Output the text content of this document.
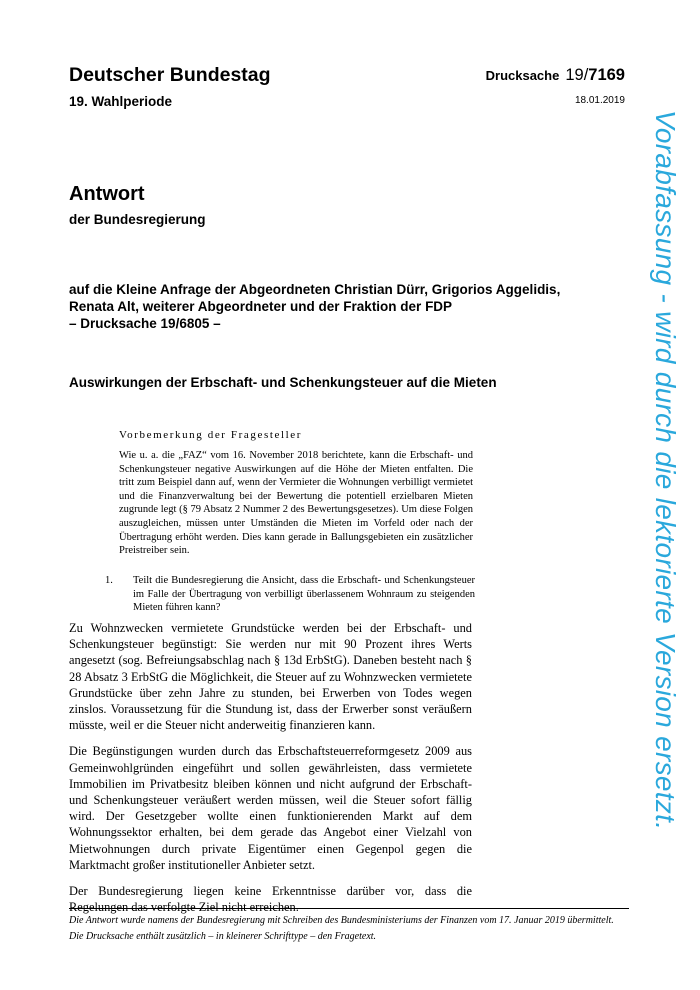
Deutscher Bundestag
19. Wahlperiode
Drucksache 19/7169
18.01.2019
Antwort
der Bundesregierung
auf die Kleine Anfrage der Abgeordneten Christian Dürr, Grigorios Aggelidis,
Renata Alt, weiterer Abgeordneter und der Fraktion der FDP
– Drucksache 19/6805 –
Auswirkungen der Erbschaft- und Schenkungsteuer auf die Mieten
Vorbemerkung der Fragesteller
Wie u. a. die „FAZ“ vom 16. November 2018 berichtete, kann die Erbschaft- und Schenkungsteuer negative Auswirkungen auf die Höhe der Mieten entfalten. Die tritt zum Beispiel dann auf, wenn der Vermieter die Wohnungen verbilligt vermietet und die Finanzverwaltung bei der Bewertung die potentiell erzielbaren Mieten zugrunde legt (§ 79 Absatz 2 Nummer 2 des Bewertungsgesetzes). Um diese Folgen auszugleichen, müssen unter Umständen die Mieten im Vorfeld oder nach der Übertragung erhöht werden. Dies kann gerade in Ballungsgebieten ein zusätzlicher Preistreiber sein.
1.	Teilt die Bundesregierung die Ansicht, dass die Erbschaft- und Schenkungsteuer im Falle der Übertragung von verbilligt überlassenem Wohnraum zu steigenden Mieten führen kann?

Zu Wohnzwecken vermietete Grundstücke werden bei der Erbschaft- und Schenkungsteuer begünstigt: Sie werden nur mit 90 Prozent ihres Werts angesetzt (sog. Befreiungsabschlag nach § 13d ErbStG). Daneben besteht nach § 28 Absatz 3 ErbStG die Möglichkeit, die Steuer auf zu Wohnzwecken vermietete Grundstücke über zehn Jahre zu stunden, bei Erwerben von Todes wegen zinslos. Voraussetzung für die Stundung ist, dass der Erwerber sonst veräußern müsste, weil er die Steuer nicht anderweitig finanzieren kann.

Die Begünstigungen wurden durch das Erbschaftsteuerreformgesetz 2009 aus Gemeinwohlgründen eingeführt und sollen gewährleisten, dass vermietete Immobilien im Privatbesitz bleiben können und nicht aufgrund der Erbschaft- und Schenkungsteuer veräußert werden müssen, weil die Steuer sofort fällig wird. Der Gesetzgeber wollte einen funktionierenden Markt auf dem Wohnungssektor erhalten, bei dem gerade das Angebot einer Vielzahl von Mietwohnungen durch private Eigentümer einen Gegenpol gegen die Marktmacht großer institutioneller Anbieter setzt.

Der Bundesregierung liegen keine Erkenntnisse darüber vor, dass die Regelungen das verfolgte Ziel nicht erreichen.

Die Antwort wurde namens der Bundesregierung mit Schreiben des Bundesministeriums der Finanzen vom 17. Januar 2019 übermittelt.

Die Drucksache enthält zusätzlich – in kleinerer Schrifttype – den Fragetext.

Vorabfassung - wird durch die lektorierte Version ersetzt.
